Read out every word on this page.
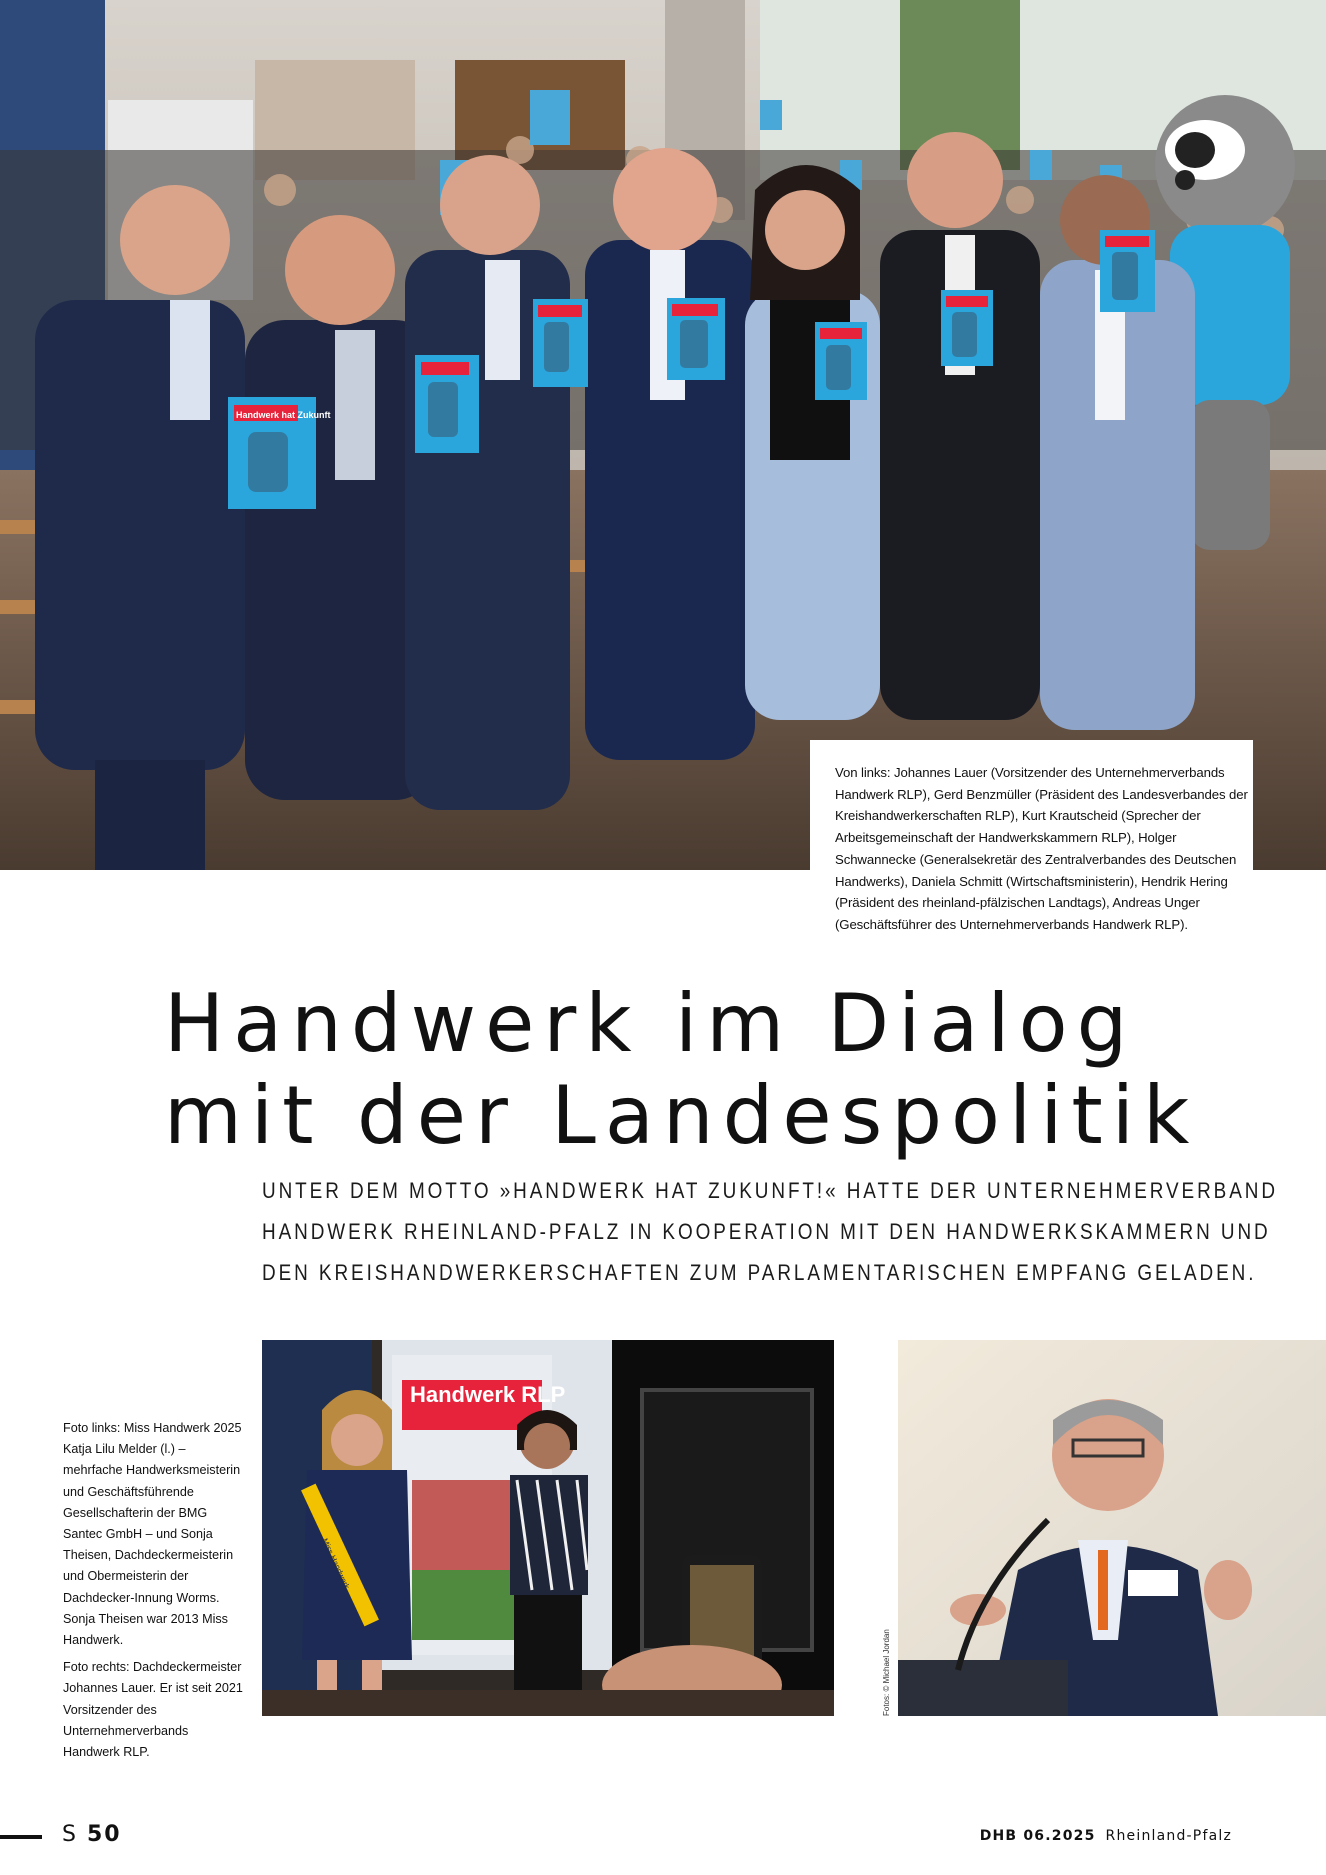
Handwerk hat Zukunft
Von links: Johannes Lauer (Vorsitzender des Unternehmerverbands Handwerk RLP), Gerd Benzmüller (Präsident des Landesverbandes der Kreishandwerkerschaften RLP), Kurt Krautscheid (Sprecher der Arbeitsgemeinschaft der Handwerkskammern RLP), Holger Schwannecke (Generalsekretär des Zentralverbandes des Deutschen Handwerks), Daniela Schmitt (Wirtschaftsministerin), Hendrik Hering (Präsident des rheinland-pfälzischen Landtags), Andreas Unger (Geschäftsführer des Unternehmerverbands Handwerk RLP).
Handwerk im Dialog
mit der Landespolitik
UNTER DEM MOTTO »HANDWERK HAT ZUKUNFT!« HATTE DER UNTERNEHMERVERBAND
HANDWERK RHEINLAND-PFALZ IN KOOPERATION MIT DEN HANDWERKSKAMMERN UND
DEN KREISHANDWERKERSCHAFTEN ZUM PARLAMENTARISCHEN EMPFANG GELADEN.

Foto links: Miss Handwerk 2025 Katja Lilu Melder (l.) – mehrfache Handwerksmeisterin und Geschäftsführende Gesellschafterin der BMG Santec GmbH – und Sonja Theisen, Dachdeckermeisterin und Obermeisterin der Dachdecker-Innung Worms. Sonja Theisen war 2013 Miss Handwerk.

Foto rechts: Dachdeckermeister Johannes Lauer. Er ist seit 2021 Vorsitzender des Unternehmerverbands Handwerk RLP.

Handwerk RLP
Miss Handwerk
Fotos: © Michael Jordan
S 50	DHB 06.2025 Rheinland-Pfalz
